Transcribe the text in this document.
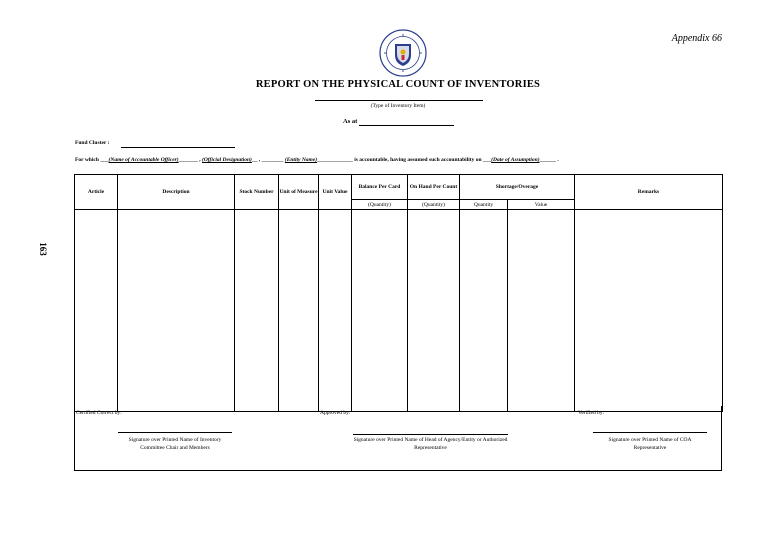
Appendix 66
163
REPORT ON THE PHYSICAL COUNT OF INVENTORIES
(Type of Inventory Item)
As at
Fund Cluster :
For which ___(Name of Accountable Officer)_______ , (Official Designation)__ , ________ (Entity Name)_____________ is accountable, having assumed such accountability on ___(Date of Assumption)______ .
Article	Description	Stock Number	Unit of Measure	Unit Value	Balance Per Card	On Hand Per Count	Shortage/Overage		Remarks
					(Quantity)	(Quantity)	Quantity	Value	

Certified Correct by:	Approved by:	Verified by:
Signature over Printed Name of Inventory Committee Chair and Members
Signature over Printed Name of Head of Agency/Entity or Authorized Representative
Signature over Printed Name of COA Representative
